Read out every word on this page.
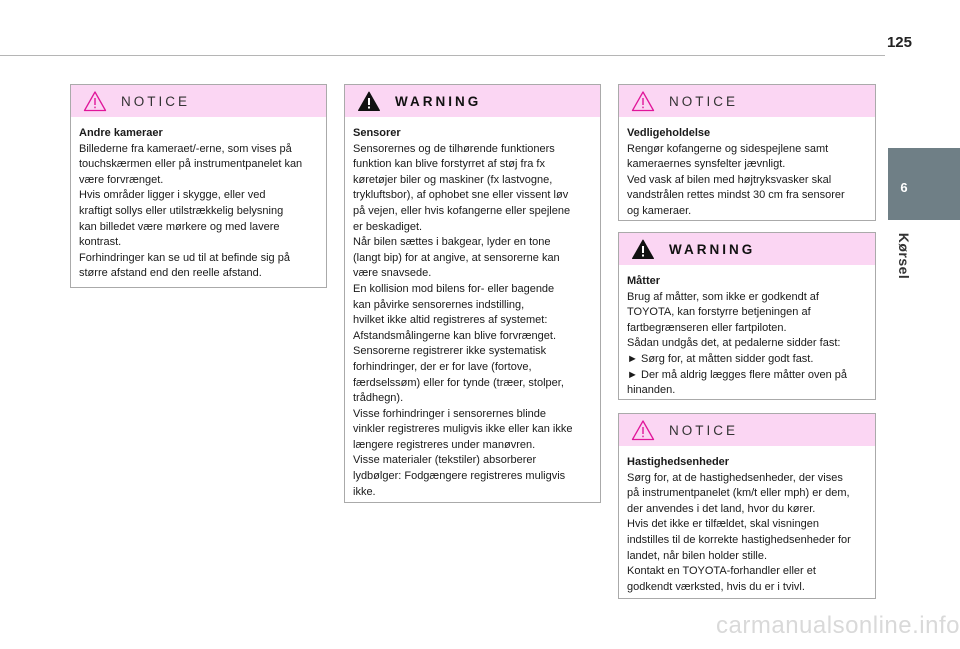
125
6
Kørsel
NOTICE
Andre kameraer
Billederne fra kameraet/-erne, som vises på
touchskærmen eller på instrumentpanelet kan
være forvrænget.
Hvis områder ligger i skygge, eller ved
kraftigt sollys eller utilstrækkelig belysning
kan billedet være mørkere og med lavere
kontrast.
Forhindringer kan se ud til at befinde sig på
større afstand end den reelle afstand.
WARNING
Sensorer
Sensorernes og de tilhørende funktioners
funktion kan blive forstyrret af støj fra fx
køretøjer biler og maskiner (fx lastvogne,
trykluftsbor), af ophobet sne eller vissent løv
på vejen, eller hvis kofangerne eller spejlene
er beskadiget.
Når bilen sættes i bakgear, lyder en tone
(langt bip) for at angive, at sensorerne kan
være snavsede.
En kollision mod bilens for- eller bagende
kan påvirke sensorernes indstilling,
hvilket ikke altid registreres af systemet:
Afstandsmålingerne kan blive forvrænget.
Sensorerne registrerer ikke systematisk
forhindringer, der er for lave (fortove,
færdselssøm) eller for tynde (træer, stolper,
trådhegn).
Visse forhindringer i sensorernes blinde
vinkler registreres muligvis ikke eller kan ikke
længere registreres under manøvren.
Visse materialer (tekstiler) absorberer
lydbølger: Fodgængere registreres muligvis
ikke.
NOTICE
Vedligeholdelse
Rengør kofangerne og sidespejlene samt
kameraernes synsfelter jævnligt.
Ved vask af bilen med højtryksvasker skal
vandstrålen rettes mindst 30 cm fra sensorer
og kameraer.
WARNING
Måtter
Brug af måtter, som ikke er godkendt af
TOYOTA, kan forstyrre betjeningen af
fartbegrænseren eller fartpiloten.
Sådan undgås det, at pedalerne sidder fast:
► Sørg for, at måtten sidder godt fast.
► Der må aldrig lægges flere måtter oven på
hinanden.
NOTICE
Hastighedsenheder
Sørg for, at de hastighedsenheder, der vises
på instrumentpanelet (km/t eller mph) er dem,
der anvendes i det land, hvor du kører.
Hvis det ikke er tilfældet, skal visningen
indstilles til de korrekte hastighedsenheder for
landet, når bilen holder stille.
Kontakt en TOYOTA-forhandler eller et
godkendt værksted, hvis du er i tvivl.
carmanualsonline.info
